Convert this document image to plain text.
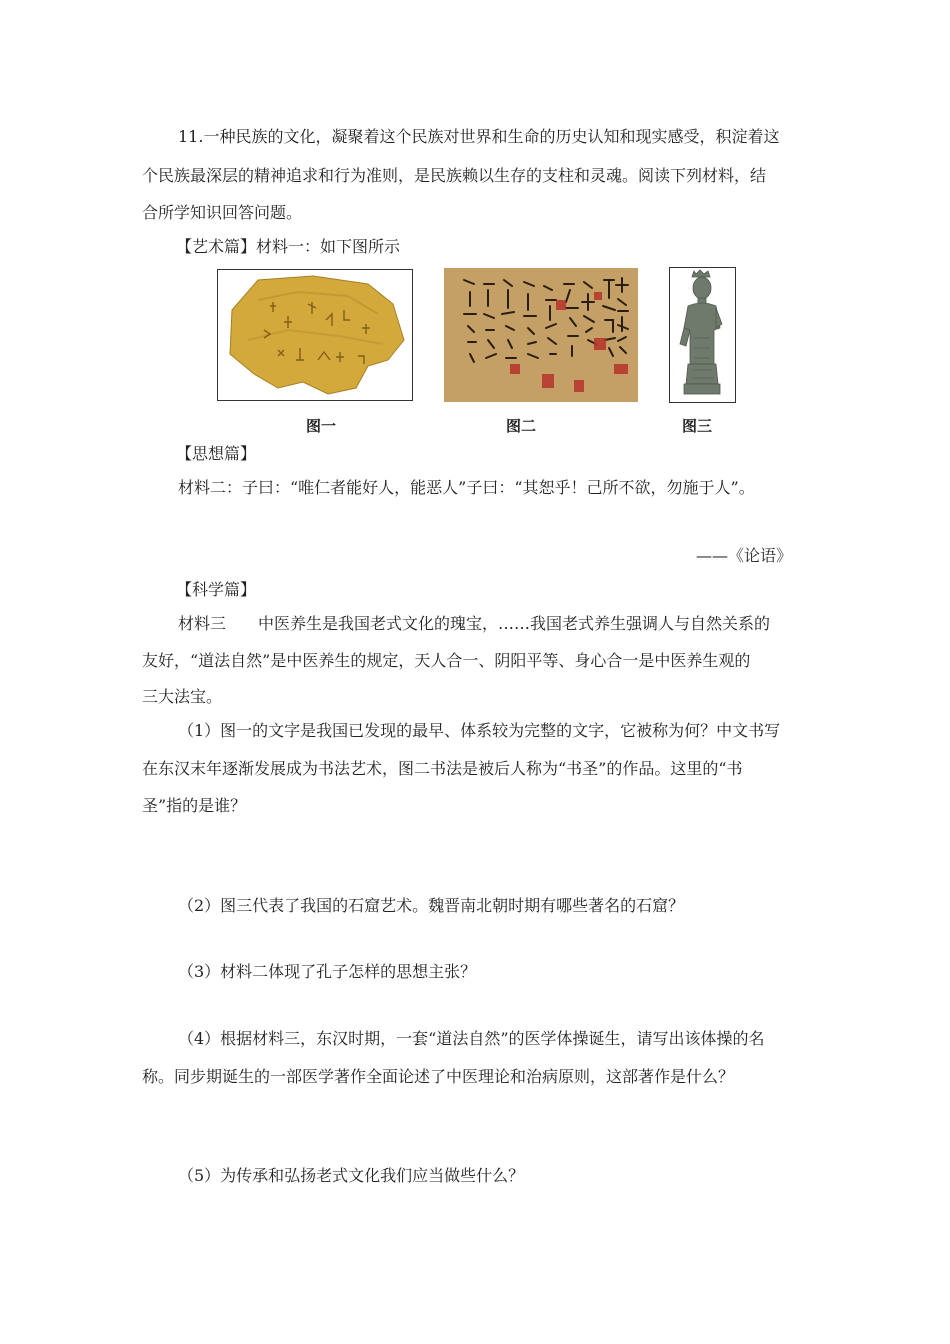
11.一种民族的文化，凝聚着这个民族对世界和生命的历史认知和现实感受，积淀着这
个民族最深层的精神追求和行为准则，是民族赖以生存的支柱和灵魂。阅读下列材料，结
合所学知识回答问题。
【艺术篇】材料一：如下图所示
图一	图二	图三
【思想篇】
材料二：子曰：“唯仁者能好人，能恶人”子曰：“其恕乎！己所不欲，勿施于人”。
——《论语》
【科学篇】
材料三　　中医养生是我国老式文化的瑰宝，……我国老式养生强调人与自然关系的
友好，“道法自然”是中医养生的规定，天人合一、阴阳平等、身心合一是中医养生观的
三大法宝。
（1）图一的文字是我国已发现的最早、体系较为完整的文字，它被称为何？中文书写
在东汉末年逐渐发展成为书法艺术，图二书法是被后人称为“书圣”的作品。这里的“书
圣”指的是谁？
（2）图三代表了我国的石窟艺术。魏晋南北朝时期有哪些著名的石窟？
（3）材料二体现了孔子怎样的思想主张？
（4）根据材料三，东汉时期，一套“道法自然”的医学体操诞生，请写出该体操的名
称。同步期诞生的一部医学著作全面论述了中医理论和治病原则，这部著作是什么？
（5）为传承和弘扬老式文化我们应当做些什么？
